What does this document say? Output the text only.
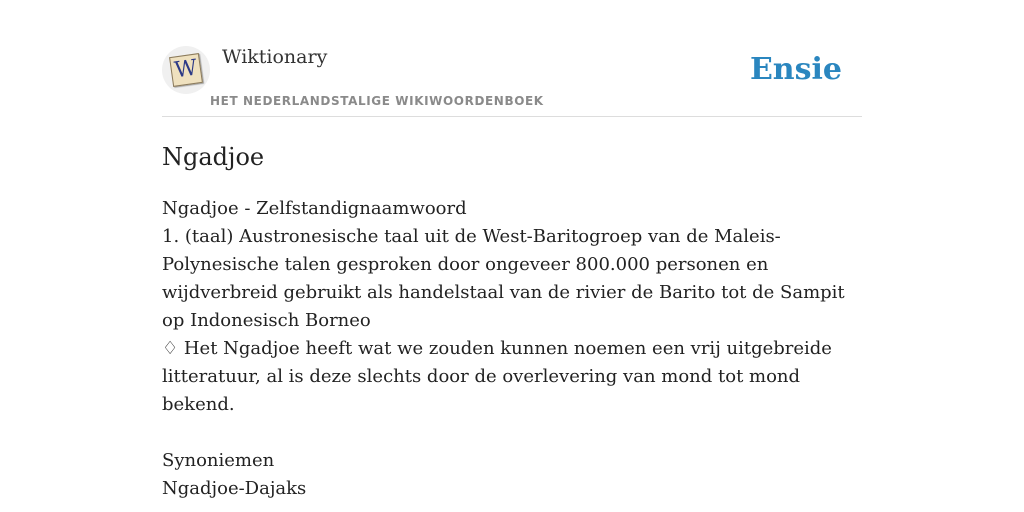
W Wiktionary
HET NEDERLANDSTALIGE WIKIWOORDENBOEK
Ensie
Ngadjoe

Ngadjoe - Zelfstandignaamwoord

1. (taal) Austronesische taal uit de West-Baritogroep van de Maleis-Polynesische talen gesproken door ongeveer 800.000 personen en wijdverbreid gebruikt als handelstaal van de rivier de Barito tot de Sampit op Indonesisch Borneo

♢ Het Ngadjoe heeft wat we zouden kunnen noemen een vrij uitgebreide litteratuur, al is deze slechts door de overlevering van mond tot mond bekend.

Synoniemen

Ngadjoe-Dajaks
